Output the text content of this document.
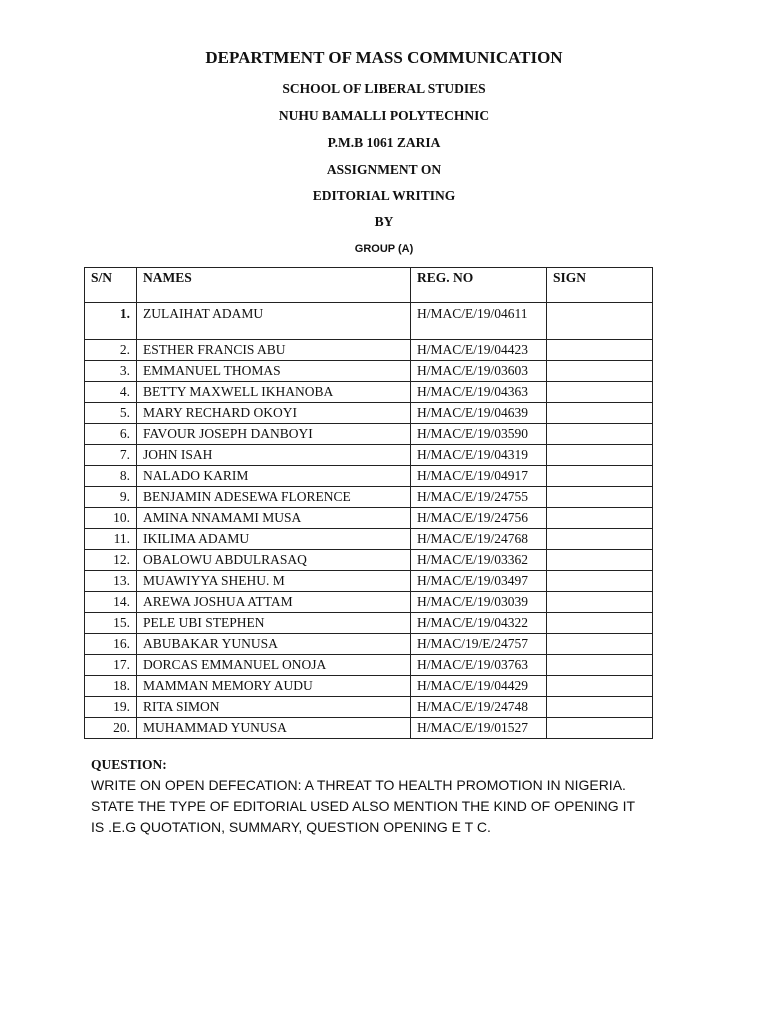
DEPARTMENT OF MASS COMMUNICATION
SCHOOL OF LIBERAL STUDIES
NUHU BAMALLI POLYTECHNIC
P.M.B 1061 ZARIA
ASSIGNMENT ON
EDITORIAL WRITING
BY
GROUP (A)
S/N	NAMES	REG. NO	SIGN
1.	ZULAIHAT ADAMU	H/MAC/E/19/04611	
2.	ESTHER FRANCIS ABU	H/MAC/E/19/04423	
3.	EMMANUEL THOMAS	H/MAC/E/19/03603	
4.	BETTY MAXWELL IKHANOBA	H/MAC/E/19/04363	
5.	MARY RECHARD OKOYI	H/MAC/E/19/04639	
6.	FAVOUR JOSEPH DANBOYI	H/MAC/E/19/03590	
7.	JOHN ISAH	H/MAC/E/19/04319	
8.	NALADO KARIM	H/MAC/E/19/04917	
9.	BENJAMIN ADESEWA FLORENCE	H/MAC/E/19/24755	
10.	AMINA NNAMAMI MUSA	H/MAC/E/19/24756	
11.	IKILIMA ADAMU	H/MAC/E/19/24768	
12.	OBALOWU ABDULRASAQ	H/MAC/E/19/03362	
13.	MUAWIYYA SHEHU. M	H/MAC/E/19/03497	
14.	AREWA JOSHUA ATTAM	H/MAC/E/19/03039	
15.	PELE UBI STEPHEN	H/MAC/E/19/04322	
16.	ABUBAKAR YUNUSA	H/MAC/19/E/24757	
17.	DORCAS EMMANUEL ONOJA	H/MAC/E/19/03763	
18.	MAMMAN MEMORY AUDU	H/MAC/E/19/04429	
19.	RITA SIMON	H/MAC/E/19/24748	
20.	MUHAMMAD YUNUSA	H/MAC/E/19/01527	
QUESTION:
WRITE ON OPEN DEFECATION: A THREAT TO HEALTH PROMOTION IN NIGERIA.
STATE THE TYPE OF EDITORIAL USED ALSO MENTION THE KIND OF OPENING IT
IS .E.G QUOTATION, SUMMARY, QUESTION OPENING E T C.
